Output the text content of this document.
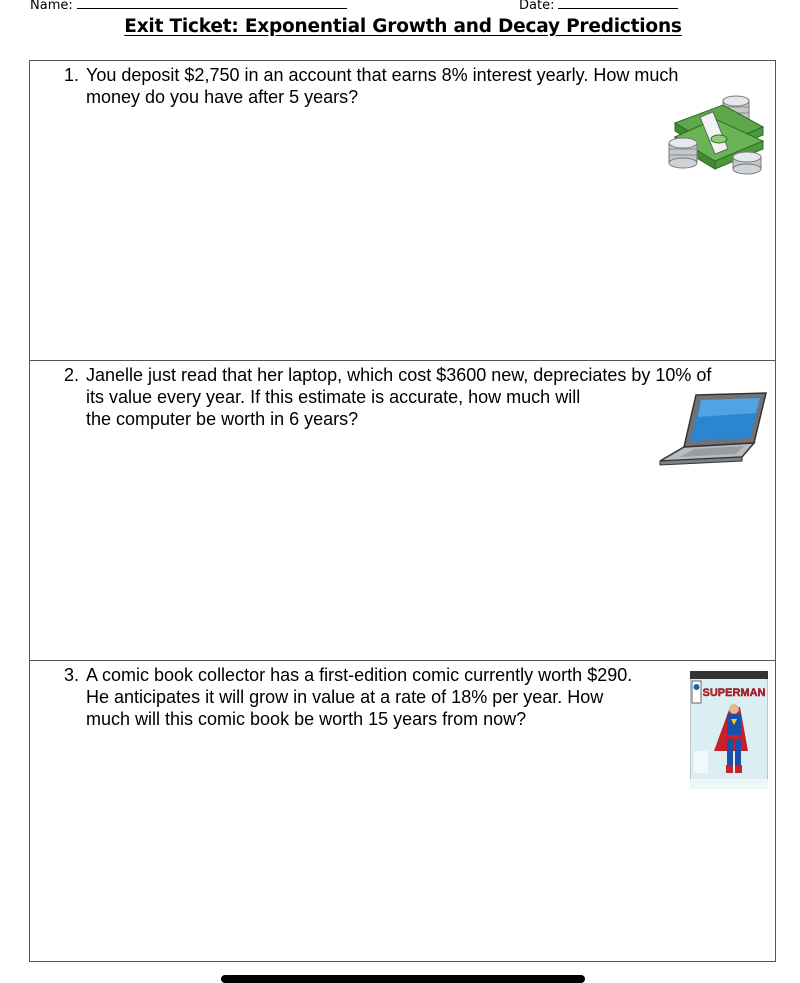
Name:	Date:
Exit Ticket: Exponential Growth and Decay Predictions
1. You deposit $2,750 in an account that earns 8% interest yearly. How much
money do you have after 5 years?
2. Janelle just read that her laptop, which cost $3600 new, depreciates by 10% of
its value every year. If this estimate is accurate, how much will
the computer be worth in 6 years?
3. A comic book collector has a first-edition comic currently worth $290.
He anticipates it will grow in value at a rate of 18% per year. How
much will this comic book be worth 15 years from now?
SUPERMAN
